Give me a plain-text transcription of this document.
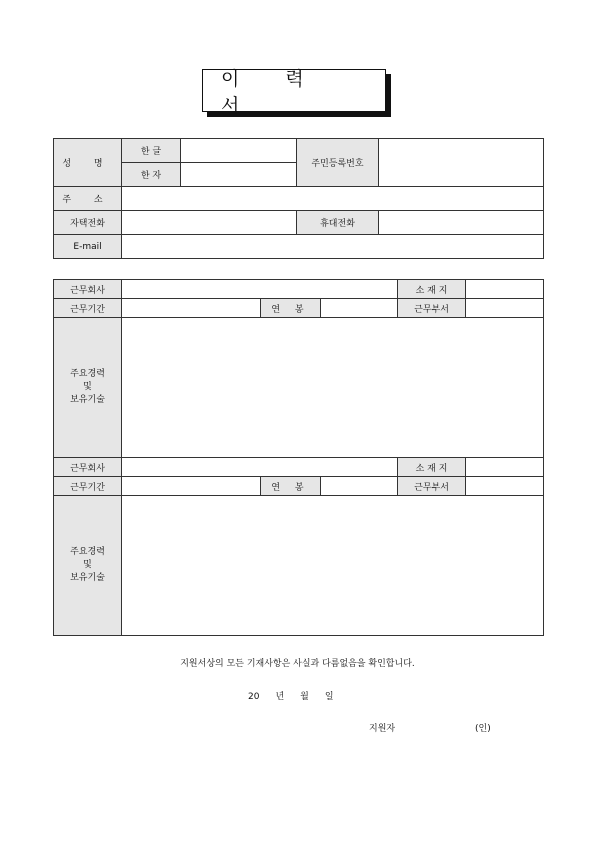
이 력 서
성 명	한 글		주민등록번호	
	한 자			
주 소				
자택전화			휴대전화	
E-mail				
근무회사				소 재 지	
근무기간		연 봉		근무부서	

주요경력
및
보유기술					

근무회사				소 재 지	
근무기간		연 봉		근무부서	

주요경력
및
보유기술					

지원서상의 모든 기재사항은 사실과 다름없음을 확인합니다.
20 년 월 일
지원자	(인)
